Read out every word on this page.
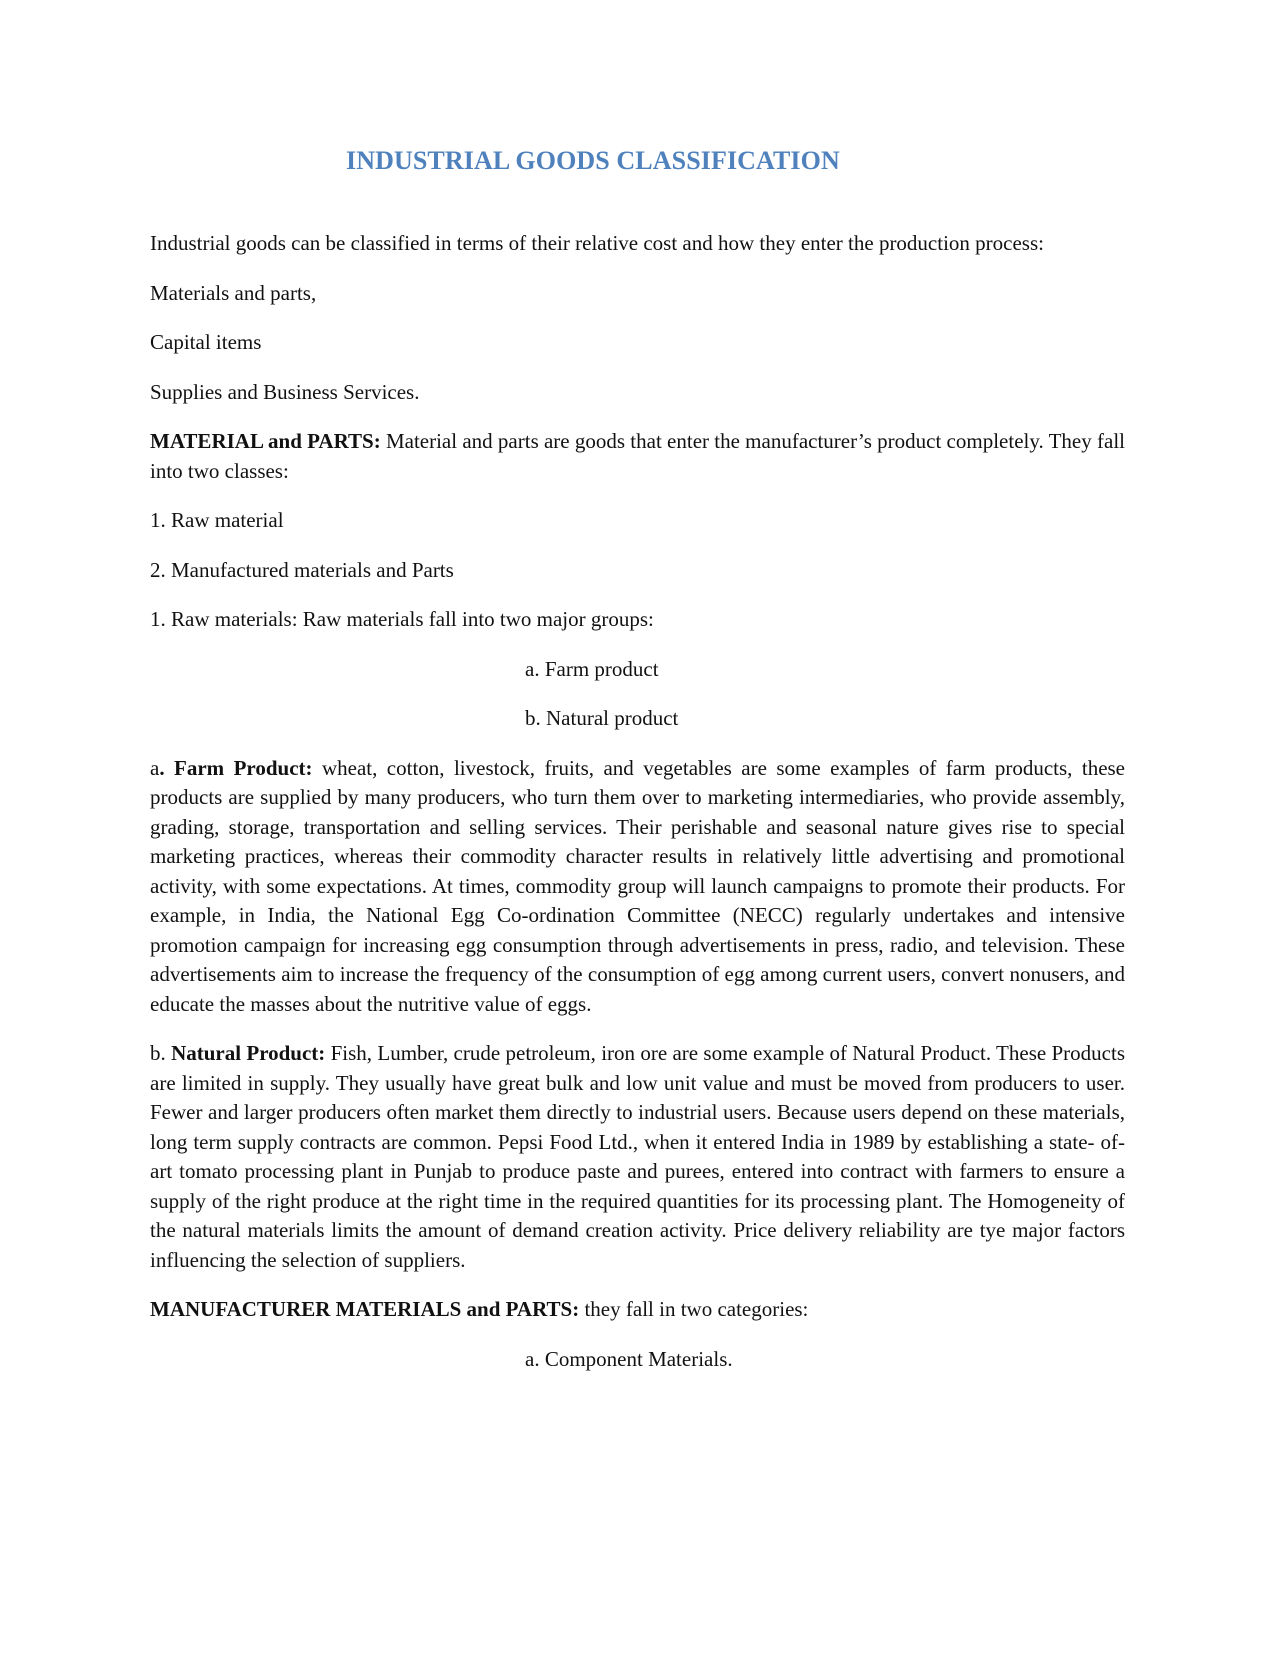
INDUSTRIAL GOODS CLASSIFICATION

Industrial goods can be classified in terms of their relative cost and how they enter the production process:

Materials and parts,

Capital items

Supplies and Business Services.

MATERIAL and PARTS: Material and parts are goods that enter the manufacturer’s product completely. They fall into two classes:

1. Raw material

2. Manufactured materials and Parts

1. Raw materials: Raw materials fall into two major groups:

a. Farm product

b. Natural product

a. Farm Product: wheat, cotton, livestock, fruits, and vegetables are some examples of farm products, these products are supplied by many producers, who turn them over to marketing intermediaries, who provide assembly, grading, storage, transportation and selling services. Their perishable and seasonal nature gives rise to special marketing practices, whereas their commodity character results in relatively little advertising and promotional activity, with some expectations. At times, commodity group will launch campaigns to promote their products. For example, in India, the National Egg Co-ordination Committee (NECC) regularly undertakes and intensive promotion campaign for increasing egg consumption through advertisements in press, radio, and television. These advertisements aim to increase the frequency of the consumption of egg among current users, convert nonusers, and educate the masses about the nutritive value of eggs.

b. Natural Product: Fish, Lumber, crude petroleum, iron ore are some example of Natural Product. These Products are limited in supply. They usually have great bulk and low unit value and must be moved from producers to user. Fewer and larger producers often market them directly to industrial users. Because users depend on these materials, long term supply contracts are common. Pepsi Food Ltd., when it entered India in 1989 by establishing a state- of-art tomato processing plant in Punjab to produce paste and purees, entered into contract with farmers to ensure a supply of the right produce at the right time in the required quantities for its processing plant. The Homogeneity of the natural materials limits the amount of demand creation activity. Price delivery reliability are tye major factors influencing the selection of suppliers.

MANUFACTURER MATERIALS and PARTS: they fall in two categories:

a. Component Materials.
